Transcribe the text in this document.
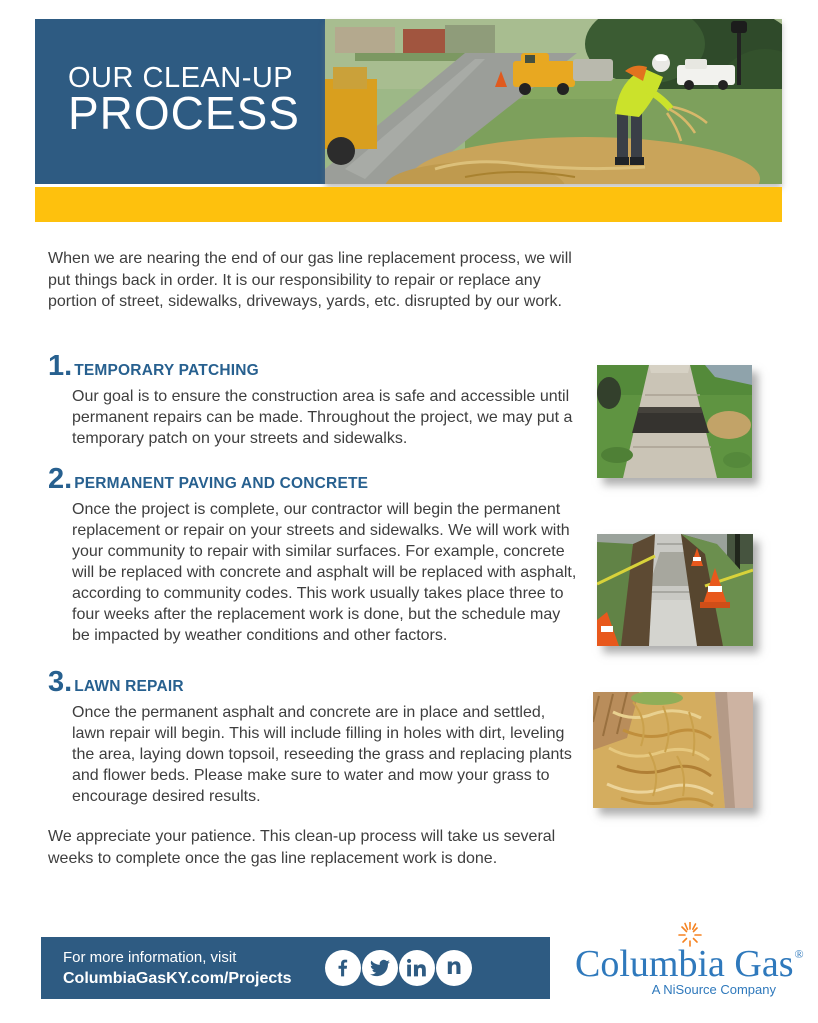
OUR CLEAN-UP
PROCESS

When we are nearing the end of our gas line replacement process, we will put things back in order. It is our responsibility to repair or replace any portion of street, sidewalks, driveways, yards, etc. disrupted by our work.

1. TEMPORARY PATCHING
Our goal is to ensure the construction area is safe and accessible until permanent repairs can be made. Throughout the project, we may put a temporary patch on your streets and sidewalks.
2. PERMANENT PAVING AND CONCRETE
Once the project is complete, our contractor will begin the permanent replacement or repair on your streets and sidewalks. We will work with your community to repair with similar surfaces. For example, concrete will be replaced with concrete and asphalt will be replaced with asphalt, according to community codes. This work usually takes place three to four weeks after the replacement work is done, but the schedule may be impacted by weather conditions and other factors.
3. LAWN REPAIR
Once the permanent asphalt and concrete are in place and settled, lawn repair will begin. This will include filling in holes with dirt, leveling the area, laying down topsoil, reseeding the grass and replacing plants and flower beds. Please make sure to water and mow your grass to encourage desired results.

We appreciate your patience. This clean-up process will take us several weeks to complete once the gas line replacement work is done.

For more information, visit
ColumbiaGasKY.com/Projects	n	Columbia Gas®
A NiSource Company
